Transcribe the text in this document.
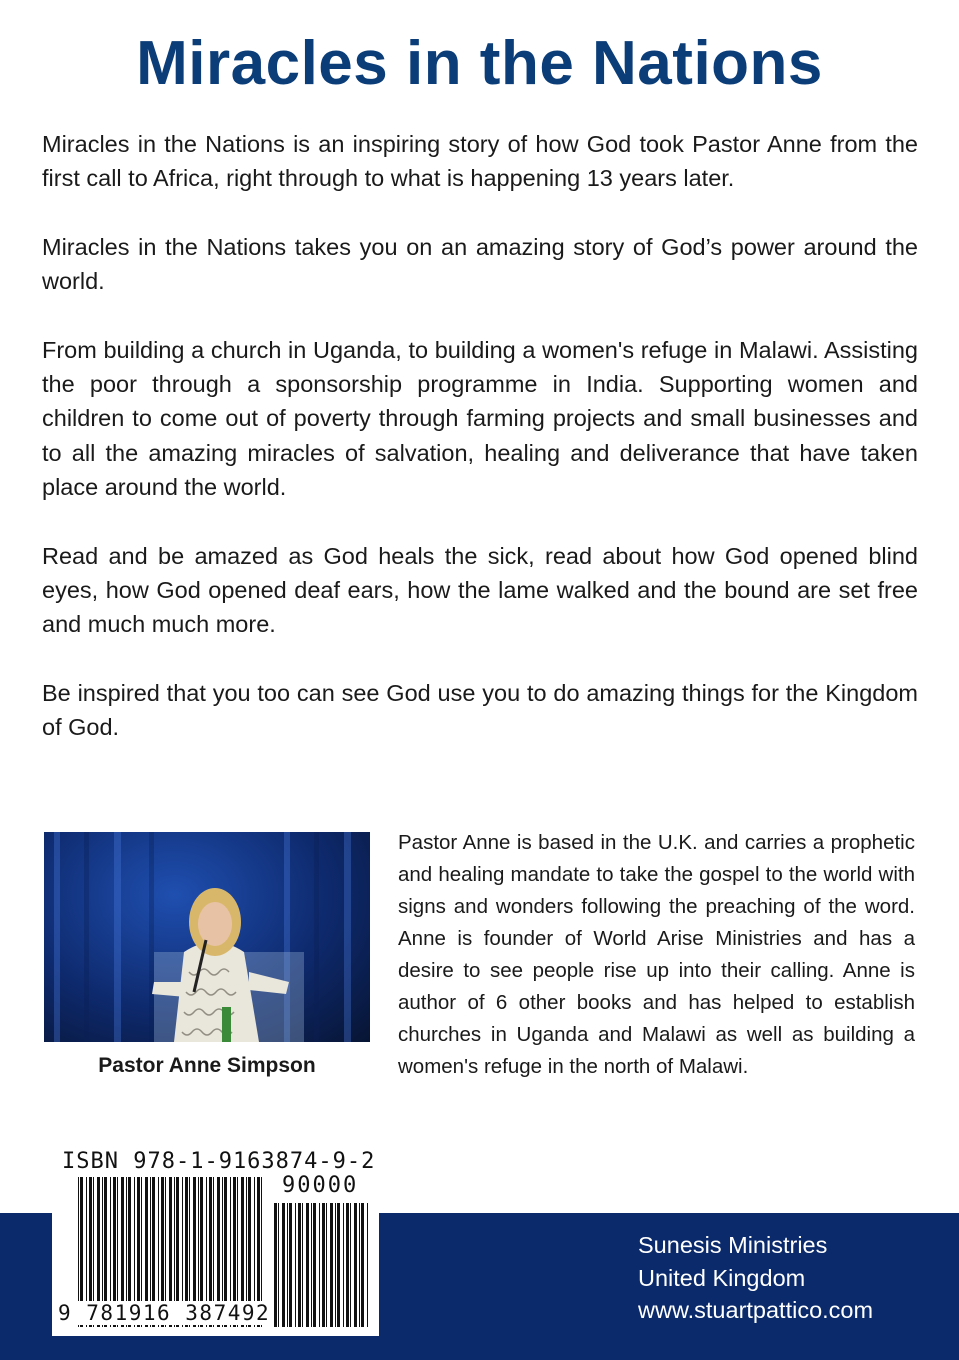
Miracles in the Nations

Miracles in the Nations is an inspiring story of how God took Pastor Anne from the first call to Africa, right through to what is happening 13 years later.

Miracles in the Nations takes you on an amazing story of God’s power around the world.

From building a church in Uganda, to building a women's refuge in Malawi. Assisting the poor through a sponsorship programme in India. Supporting women and children to come out of poverty through farming projects and small businesses and to all the amazing miracles of salvation, healing and deliverance that have taken place around the world.

Read and be amazed as God heals the sick, read about how God opened blind eyes, how God opened deaf ears, how the lame walked and the bound are set free and much much more.

Be inspired that you too can see God use you to do amazing things for the Kingdom of God.

Pastor Anne Simpson

Pastor Anne is based in the U.K. and carries a prophetic and healing mandate to take the gospel to the world with signs and wonders following the preaching of the word. Anne is founder of World Arise Ministries and has a desire to see people rise up into their calling. Anne is author of 6 other books and has helped to establish churches in Uganda and Malawi as well as building a women's refuge in the north of Malawi.

Sunesis Ministries
United Kingdom
www.stuartpattico.com
ISBN 978-1-9163874-9-2
90000
9 781916 387492
